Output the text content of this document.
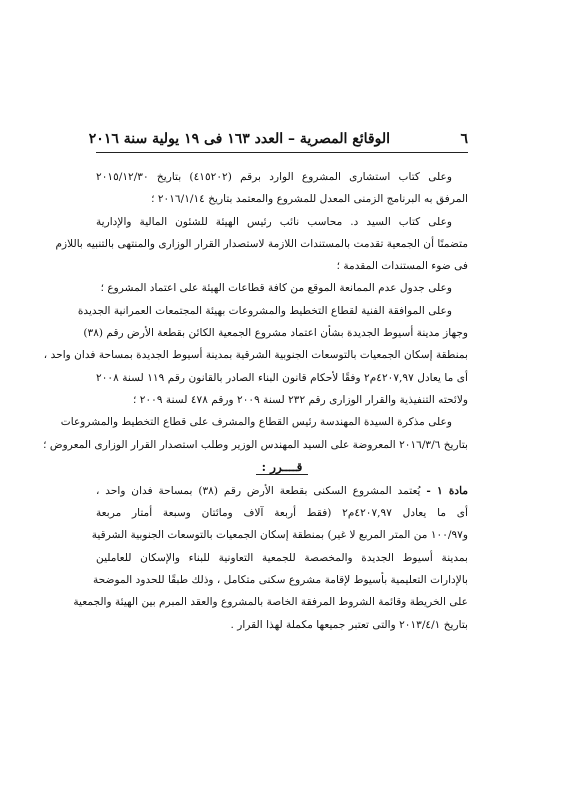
٦
الوقائع المصرية – العدد ١٦٣ فى ١٩ يولية سنة ٢٠١٦
وعلى كتاب استشارى المشروع الوارد برقم (٤١٥٢٠٢) بتاريخ ٢٠١٥/١٢/٣٠
المرفق به البرنامج الزمنى المعدل للمشروع والمعتمد بتاريخ ٢٠١٦/١/١٤ ؛
وعلى كتاب السيد د. محاسب نائب رئيس الهيئة للشئون المالية والإدارية
متضمنًا أن الجمعية تقدمت بالمستندات اللازمة لاستصدار القرار الوزارى والمنتهى بالتنبيه باللازم
فى ضوء المستندات المقدمة ؛
وعلى جدول عدم الممانعة الموقع من كافة قطاعات الهيئة على اعتماد المشروع ؛
وعلى الموافقة الفنية لقطاع التخطيط والمشروعات بهيئة المجتمعات العمرانية الجديدة
وجهاز مدينة أسيوط الجديدة بشأن اعتماد مشروع الجمعية الكائن بقطعة الأرض رقم (٣٨)
بمنطقة إسكان الجمعيات بالتوسعات الجنوبية الشرقية بمدينة أسيوط الجديدة بمساحة فدان واحد ،
أى ما يعادل ٤٢٠٧,٩٧م٢ وفقًا لأحكام قانون البناء الصادر بالقانون رقم ١١٩ لسنة ٢٠٠٨
ولائحته التنفيذية والقرار الوزارى رقم ٢٣٢ لسنة ٢٠٠٩ ورقم ٤٧٨ لسنة ٢٠٠٩ ؛
وعلى مذكرة السيدة المهندسة رئيس القطاع والمشرف على قطاع التخطيط والمشروعات
بتاريخ ٢٠١٦/٣/٦ المعروضة على السيد المهندس الوزير وطلب استصدار القرار الوزارى المعروض ؛
قــــرر :
مادة ١ - يُعتمد المشروع السكنى بقطعة الأرض رقم (٣٨) بمساحة فدان واحد ،
أى ما يعادل ٤٢٠٧,٩٧م٢ (فقط أربعة آلاف ومائتان وسبعة أمتار مربعة
و١٠٠/٩٧ من المتر المربع لا غير) بمنطقة إسكان الجمعيات بالتوسعات الجنوبية الشرقية
بمدينة أسيوط الجديدة والمخصصة للجمعية التعاونية للبناء والإسكان للعاملين
بالإدارات التعليمية بأسيوط لإقامة مشروع سكنى متكامل ، وذلك طبقًا للحدود الموضحة
على الخريطة وقائمة الشروط المرفقة الخاصة بالمشروع والعقد المبرم بين الهيئة والجمعية
بتاريخ ٢٠١٣/٤/١ والتى تعتبر جميعها مكملة لهذا القرار .
